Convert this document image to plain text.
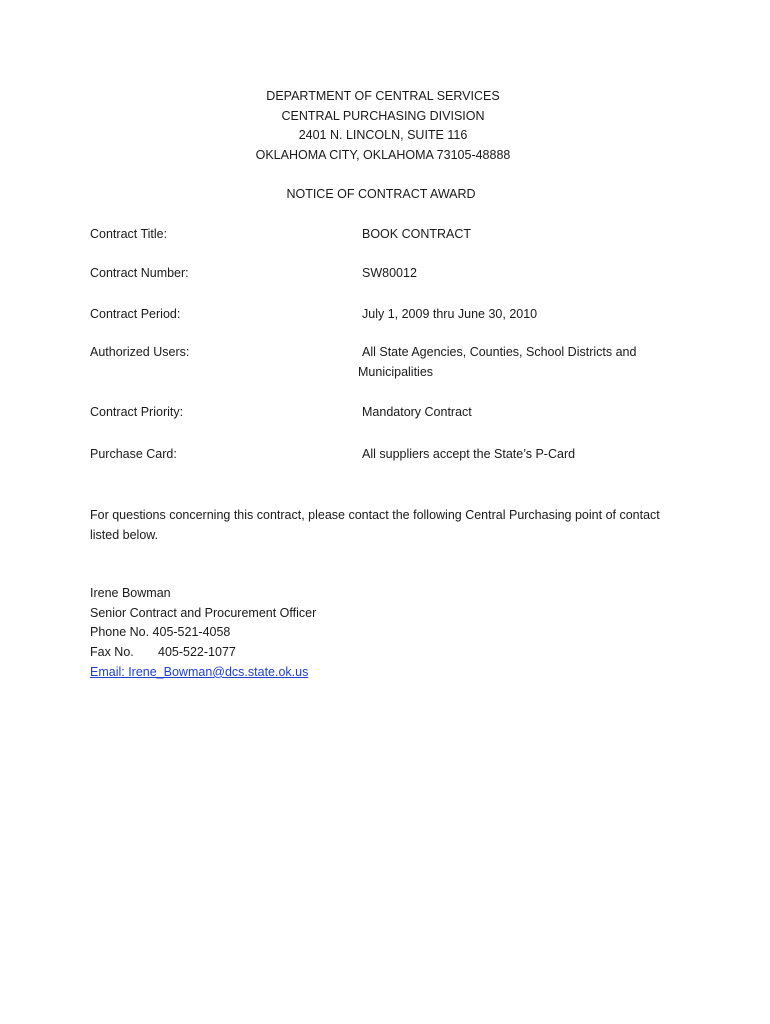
DEPARTMENT OF CENTRAL SERVICES
CENTRAL PURCHASING DIVISION
2401 N. LINCOLN, SUITE 116
OKLAHOMA CITY, OKLAHOMA 73105-48888
NOTICE OF CONTRACT AWARD
Contract Title:	BOOK CONTRACT
Contract Number:	SW80012
Contract Period:	July 1, 2009 thru June 30, 2010
Authorized Users:	All State Agencies, Counties, School Districts and
Municipalities
Contract Priority:	Mandatory Contract
Purchase Card:	All suppliers accept the State’s P-Card
For questions concerning this contract, please contact the following Central Purchasing point of contact listed below.
Irene Bowman
Senior Contract and Procurement Officer
Phone No. 405-521-4058
Fax No. 405-522-1077
Email: Irene_Bowman@dcs.state.ok.us
